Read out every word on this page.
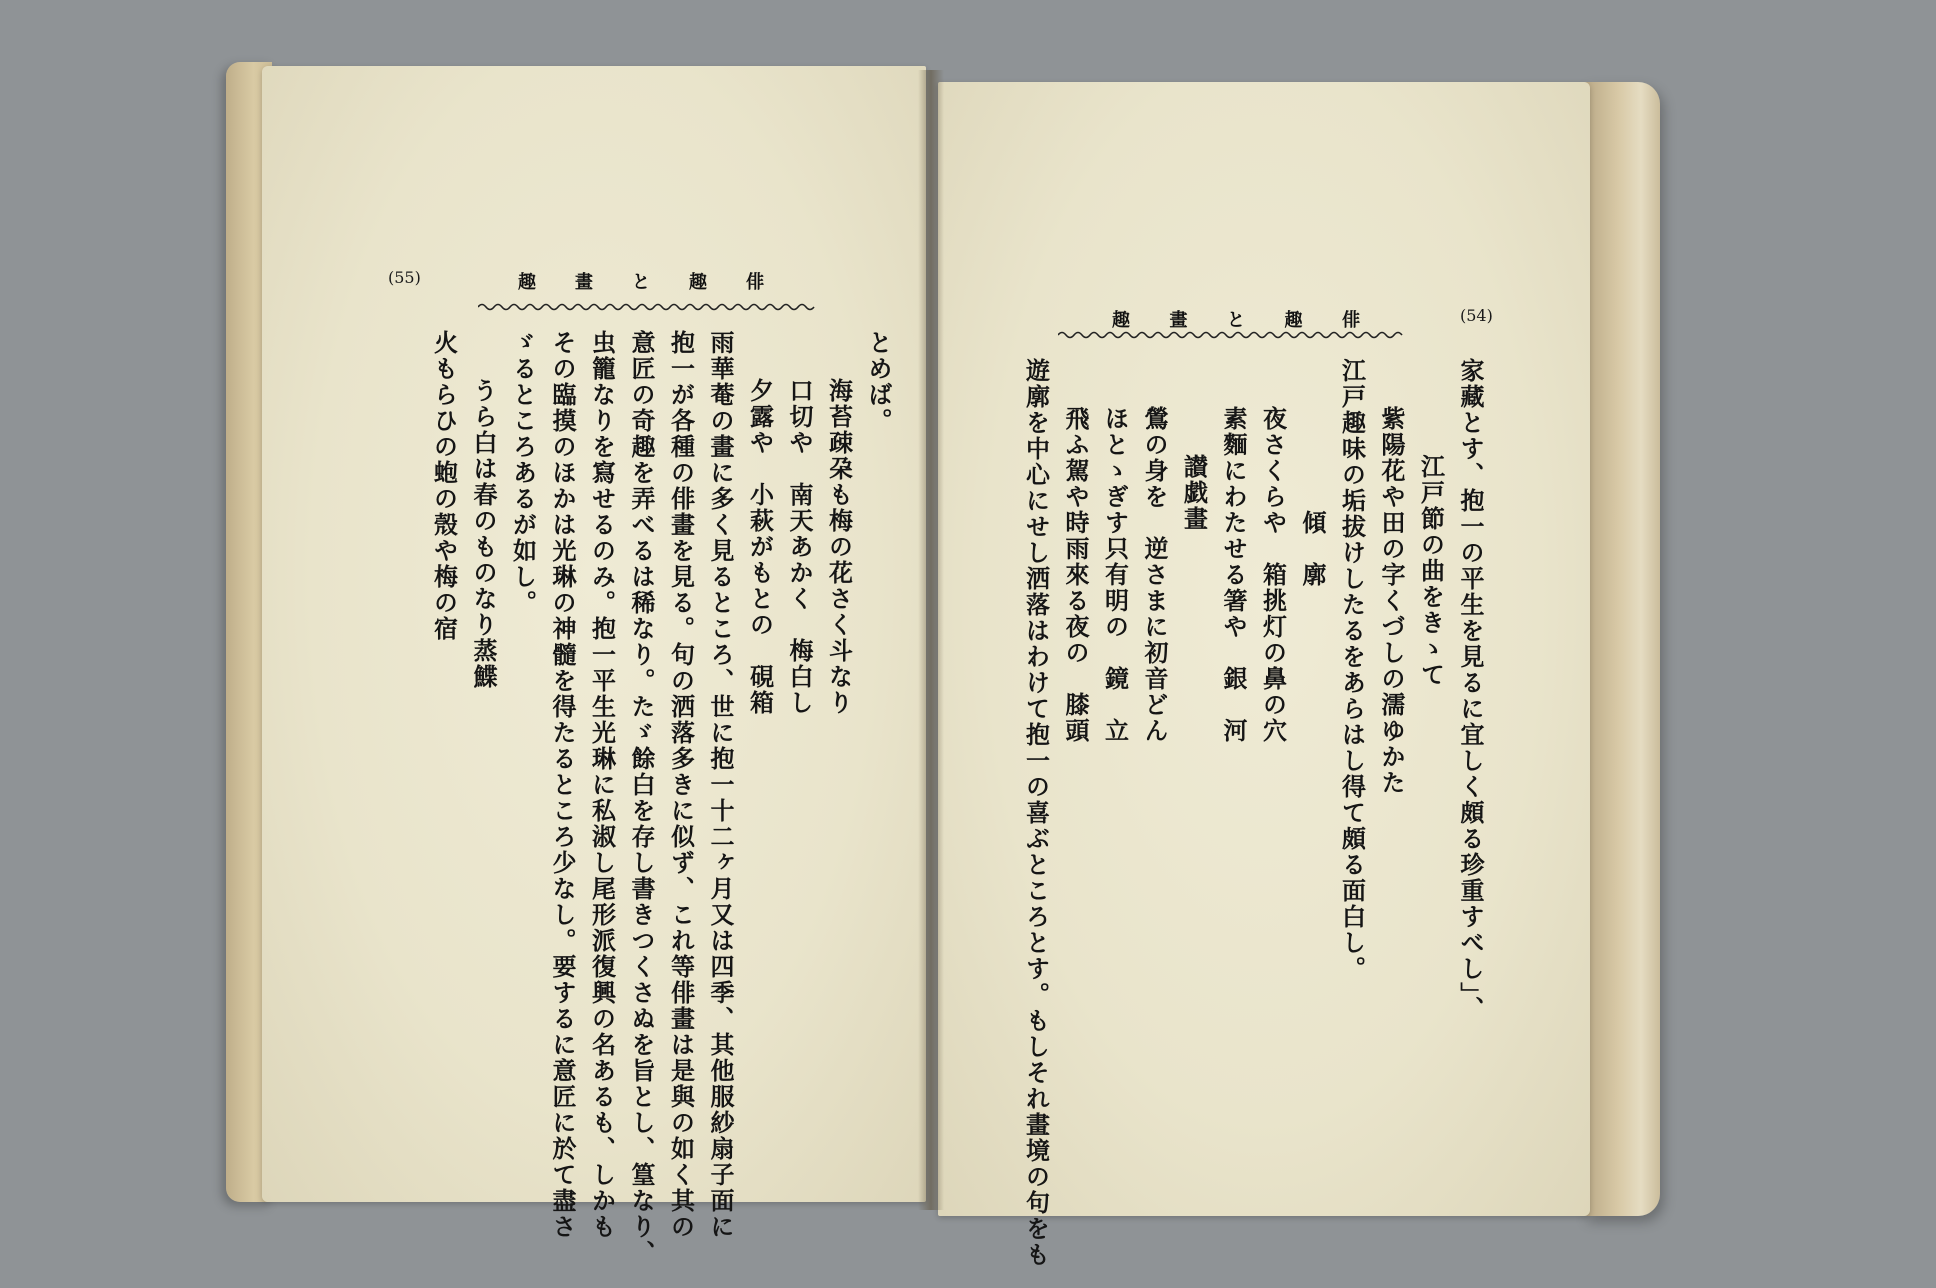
(55)	趣 畫 と 趣 俳
(54)
趣 畫 と 趣 俳
とめば。
海苔疎朶も梅の花さく斗なり
口切や　南天あかく　梅白し
夕露や　小萩がもとの　硯箱
雨華菴の畫に多く見るところ、世に抱一十二ヶ月又は四季、其他服紗扇子面に
抱一が各種の俳畫を見る。句の洒落多きに似ず、これ等俳畫は是與の如く其の
意匠の奇趣を弄べるは稀なり。たゞ餘白を存し書きつくさぬを旨とし、篁なり、
虫籠なりを寫せるのみ。抱一平生光琳に私淑し尾形派復興の名あるも、しかも
その臨摸のほかは光琳の神髓を得たるところ少なし。要するに意匠に於て盡さ
ゞるところあるが如し。
うら白は春のものなり蒸鰈
火もらひの蚫の殼や梅の宿	家藏とす、抱一の平生を見るに宜しく頗る珍重すべし」、
江戸節の曲をきゝて
紫陽花や田の字くづしの濡ゆかた
江戸趣味の垢拔けしたるをあらはし得て頗る面白し。
傾　廓
夜さくらや　箱挑灯の鼻の穴
素麵にわたせる箸や　銀　河
讃戯畫
鶯の身を　逆さまに初音どん
ほとゝぎす只有明の　鏡　立
飛ふ駕や時雨來る夜の　膝頭
遊廓を中心にせし洒落はわけて抱一の喜ぶところとす。もしそれ畫境の句をも
